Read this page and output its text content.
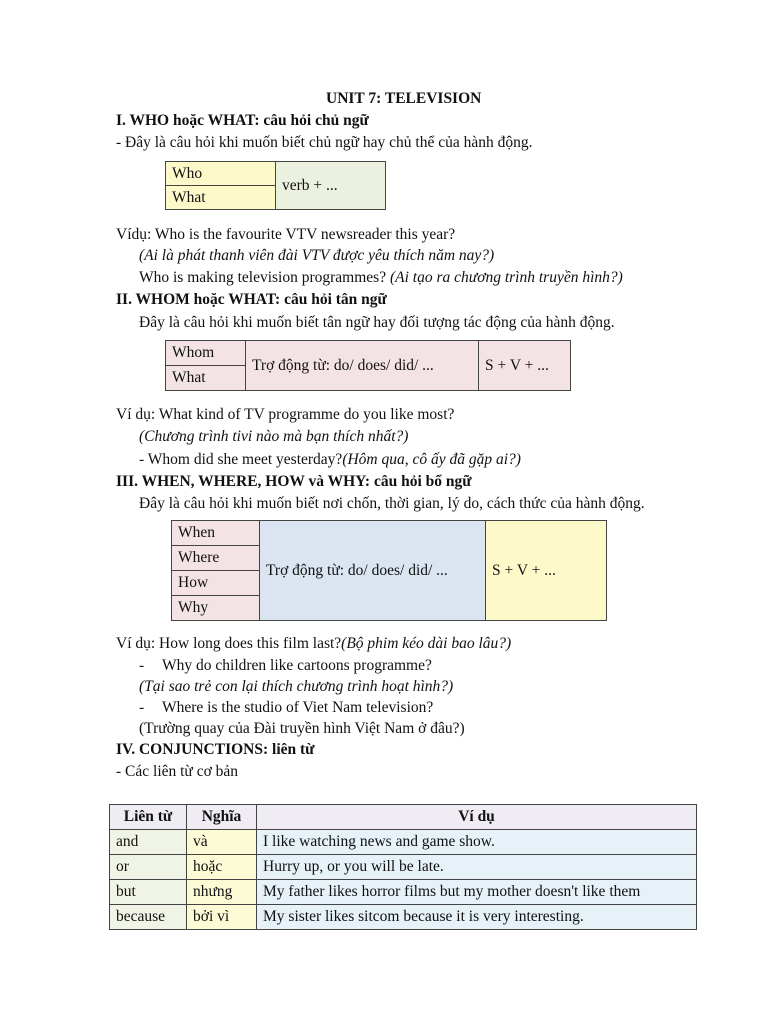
UNIT 7: TELEVISION
I. WHO hoặc WHAT: câu hỏi chủ ngữ
- Đây là câu hỏi khi muốn biết chủ ngữ hay chủ thể của hành động.
Who	verb + ...
What
Vídụ: Who is the favourite VTV newsreader this year?
(Ai là phát thanh viên đài VTV được yêu thích năm nay?)
Who is making television programmes? (Ai tạo ra chương trình truyền hình?)
II. WHOM hoặc WHAT: câu hỏi tân ngữ
Đây là câu hỏi khi muốn biết tân ngữ hay đối tượng tác động của hành động.
Whom	Trợ động từ: do/ does/ did/ ...	S + V + ...
What
Ví dụ: What kind of TV programme do you like most?
(Chương trình tivi nào mà bạn thích nhất?)
- Whom did she meet yesterday?(Hôm qua, cô ấy đã gặp ai?)
III. WHEN, WHERE, HOW và WHY: câu hỏi bổ ngữ
Đây là câu hỏi khi muốn biết nơi chốn, thời gian, lý do, cách thức của hành động.
When	Trợ động từ: do/ does/ did/ ...	S + V + ...
Where
How
Why
Ví dụ: How long does this film last?(Bộ phim kéo dài bao lâu?)
- Why do children like cartoons programme?
(Tại sao trẻ con lại thích chương trình hoạt hình?)
- Where is the studio of Viet Nam television?
(Trường quay của Đài truyền hình Việt Nam ở đâu?)
IV. CONJUNCTIONS: liên từ
- Các liên từ cơ bản
Liên từ	Nghĩa	Ví dụ
and	và	I like watching news and game show.
or	hoặc	Hurry up, or you will be late.
but	nhưng	My father likes horror films but my mother doesn't like them
because	bởi vì	My sister likes sitcom because it is very interesting.
